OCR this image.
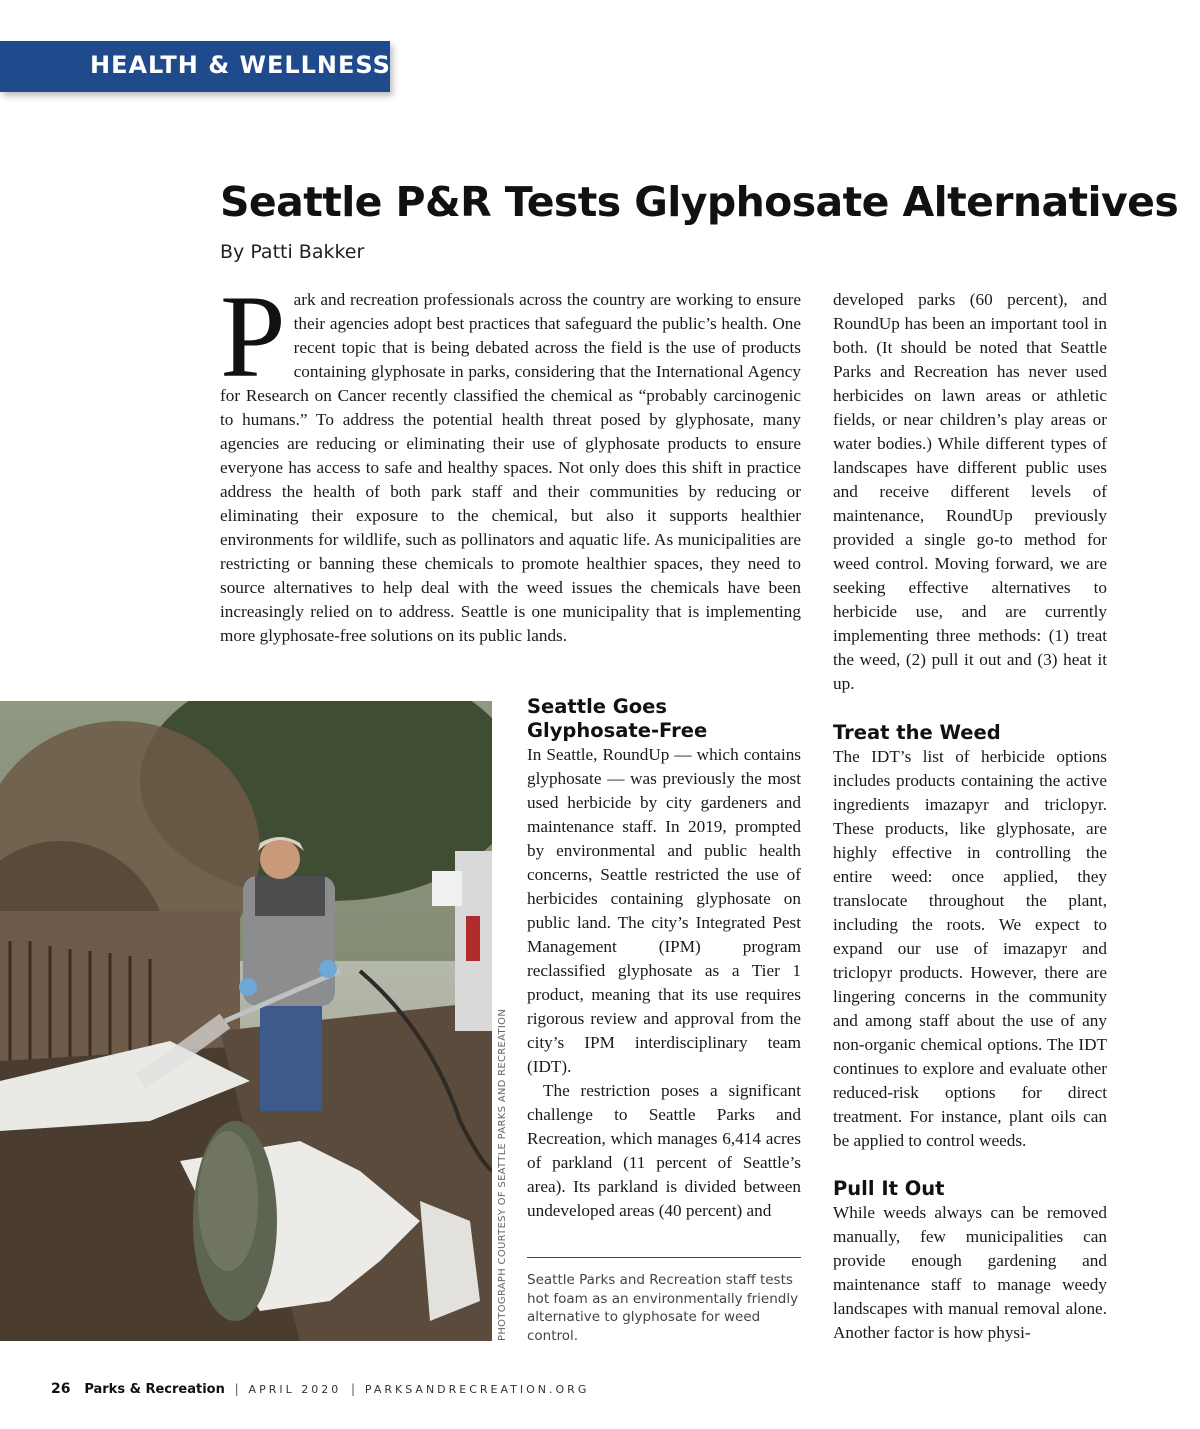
HEALTH & WELLNESS
Seattle P&R Tests Glyphosate Alternatives
By Patti Bakker

Park and recreation professionals across the country are working to ensure their agencies adopt best practices that safeguard the public’s health. One recent topic that is being debated across the field is the use of products containing glyphosate in parks, considering that the International Agency for Research on Cancer recently classified the chemical as “probably carcinogenic to humans.” To address the potential health threat posed by glyphosate, many agencies are reducing or eliminating their use of glyphosate products to ensure everyone has access to safe and healthy spaces. Not only does this shift in practice address the health of both park staff and their communities by reducing or eliminating their exposure to the chemical, but also it supports healthier environments for wildlife, such as pollinators and aquatic life. As municipalities are restricting or banning these chemicals to promote healthier spaces, they need to source alternatives to help deal with the weed issues the chemicals have been increasingly relied on to address. Seattle is one municipality that is implementing more glyphosate-free solutions on its public lands.

PHOTOGRAPH COURTESY OF SEATTLE PARKS AND RECREATION
Seattle Goes Glyphosate-Free

In Seattle, RoundUp — which contains glyphosate — was previously the most used herbicide by city gardeners and maintenance staff. In 2019, prompted by environmental and public health concerns, Seattle restricted the use of herbicides containing glyphosate on public land. The city’s Integrated Pest Management (IPM) program reclassified glyphosate as a Tier 1 product, meaning that its use requires rigorous review and approval from the city’s IPM interdisciplinary team (IDT).

The restriction poses a significant challenge to Seattle Parks and Recreation, which manages 6,414 acres of parkland (11 percent of Seattle’s area). Its parkland is divided between undeveloped areas (40 percent) and

Seattle Parks and Recreation staff tests hot foam as an environmentally friendly alternative to glyphosate for weed control.

developed parks (60 percent), and RoundUp has been an important tool in both. (It should be noted that Seattle Parks and Recreation has never used herbicides on lawn areas or athletic fields, or near children’s play areas or water bodies.) While different types of landscapes have different public uses and receive different levels of maintenance, RoundUp previously provided a single go-to method for weed control. Moving forward, we are seeking effective alternatives to herbicide use, and are currently implementing three methods: (1) treat the weed, (2) pull it out and (3) heat it up.

Treat the Weed

The IDT’s list of herbicide options includes products containing the active ingredients imazapyr and triclopyr. These products, like glyphosate, are highly effective in controlling the entire weed: once applied, they translocate throughout the plant, including the roots. We expect to expand our use of imazapyr and triclopyr products. However, there are lingering concerns in the community and among staff about the use of any non-organic chemical options. The IDT continues to explore and evaluate other reduced-risk options for direct treatment. For instance, plant oils can be applied to control weeds.

Pull It Out

While weeds always can be removed manually, few municipalities can provide enough gardening and maintenance staff to manage weedy landscapes with manual removal alone. Another factor is how physi-

26 Parks & Recreation | APRIL 2020 | PARKSANDRECREATION.ORG
